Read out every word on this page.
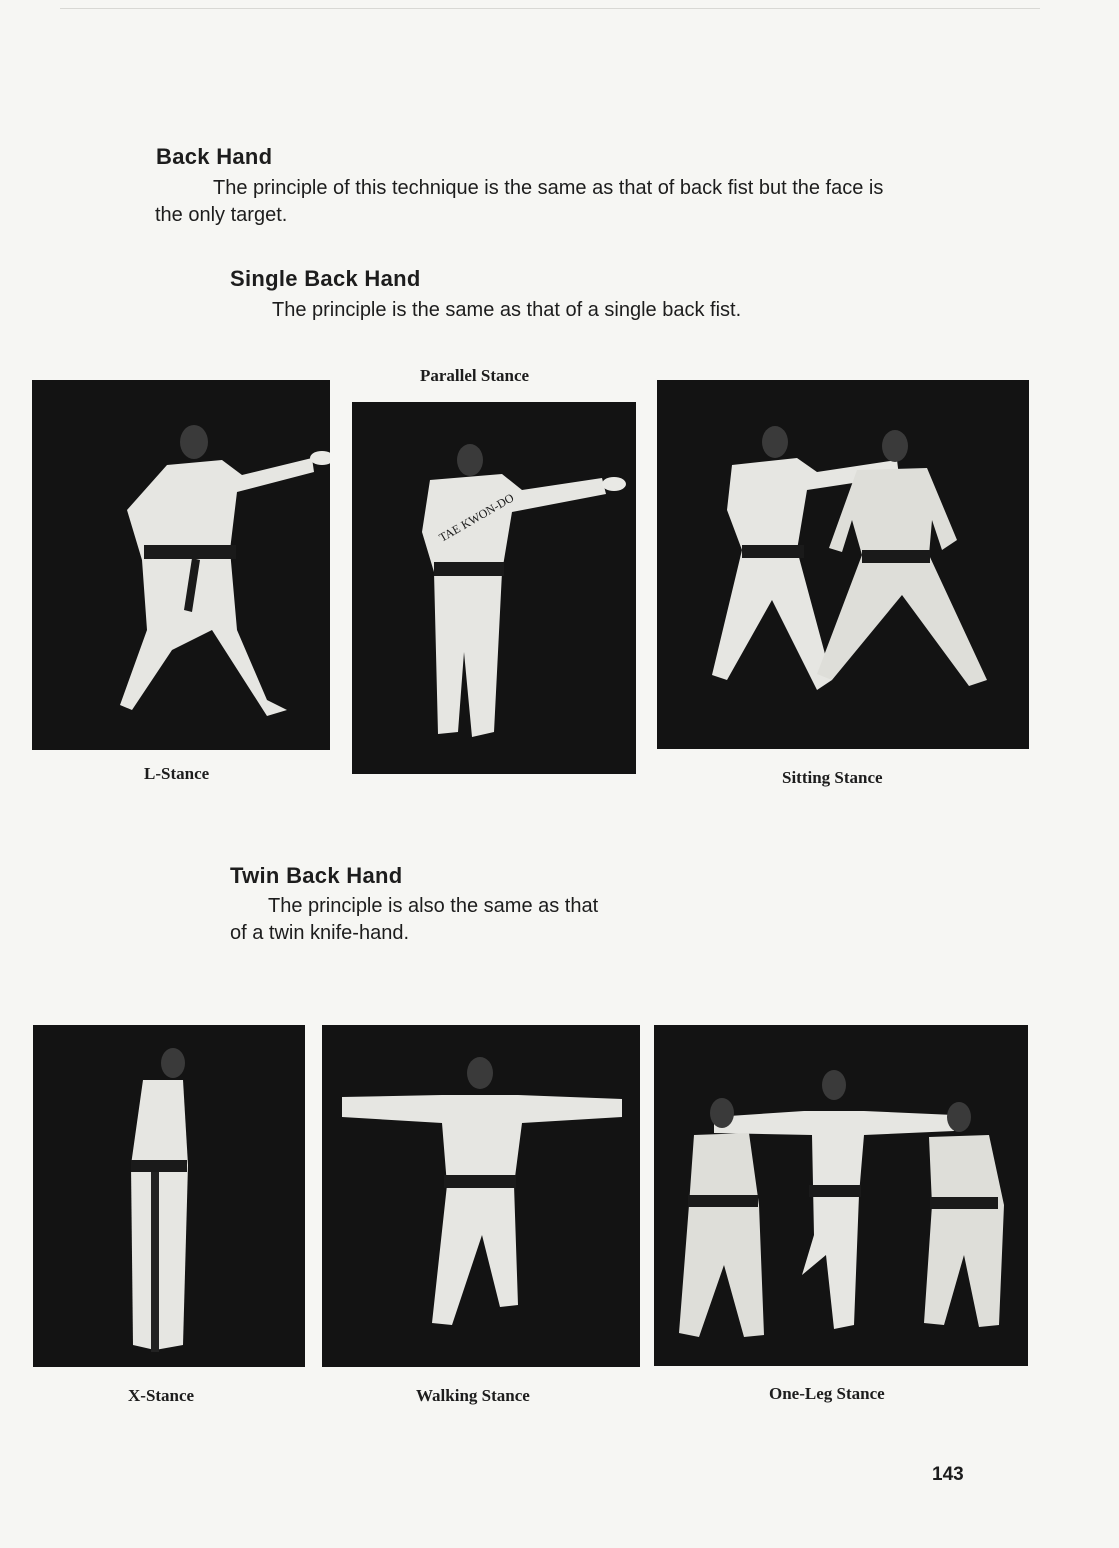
Back Hand

The principle of this technique is the same as that of back fist but the face is the only target.

Single Back Hand

The principle is the same as that of a single back fist.

L-Stance

Parallel Stance

TAE KWON-DO

Sitting Stance

Twin Back Hand

The principle is also the same as that

of a twin knife-hand.

X-Stance	Walking Stance	One-Leg Stance

143
